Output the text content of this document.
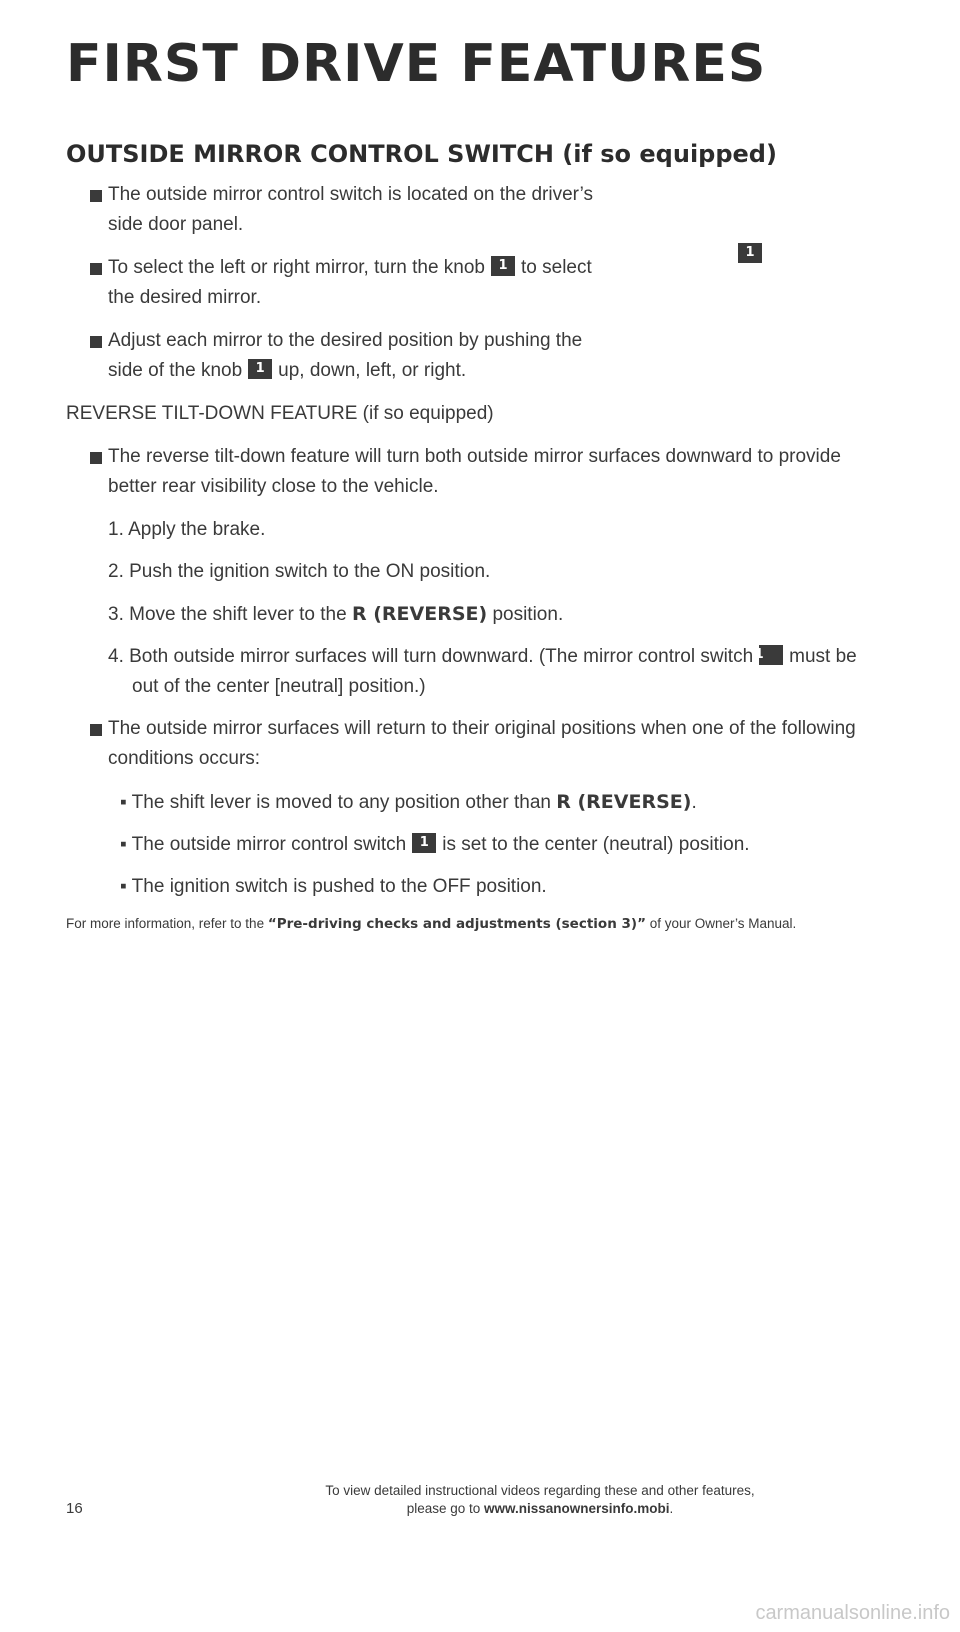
FIRST DRIVE FEATURES
OUTSIDE MIRROR CONTROL SWITCH (if so equipped)
1
The outside mirror control switch is located on the driver’s side door panel.
To select the left or right mirror, turn the knob 1 to select the desired mirror.
Adjust each mirror to the desired position by pushing the side of the knob 1 up, down, left, or right.
REVERSE TILT-DOWN FEATURE (if so equipped)
The reverse tilt-down feature will turn both outside mirror surfaces downward to provide better rear visibility close to the vehicle.
1. Apply the brake.
2. Push the ignition switch to the ON position.
3. Move the shift lever to the R (REVERSE) position.
4. Both outside mirror surfaces will turn downward. (The mirror control switch1 must be out of the center [neutral] position.)
The outside mirror surfaces will return to their original positions when one of the following conditions occurs:
▪ The shift lever is moved to any position other than R (REVERSE).
▪ The outside mirror control switch 1 is set to the center (neutral) position.
▪ The ignition switch is pushed to the OFF position.
For more information, refer to the “Pre-driving checks and adjustments (section 3)” of your Owner’s Manual.
16
To view detailed instructional videos regarding these and other features,
please go to www.nissanownersinfo.mobi.
carmanualsonline.info
